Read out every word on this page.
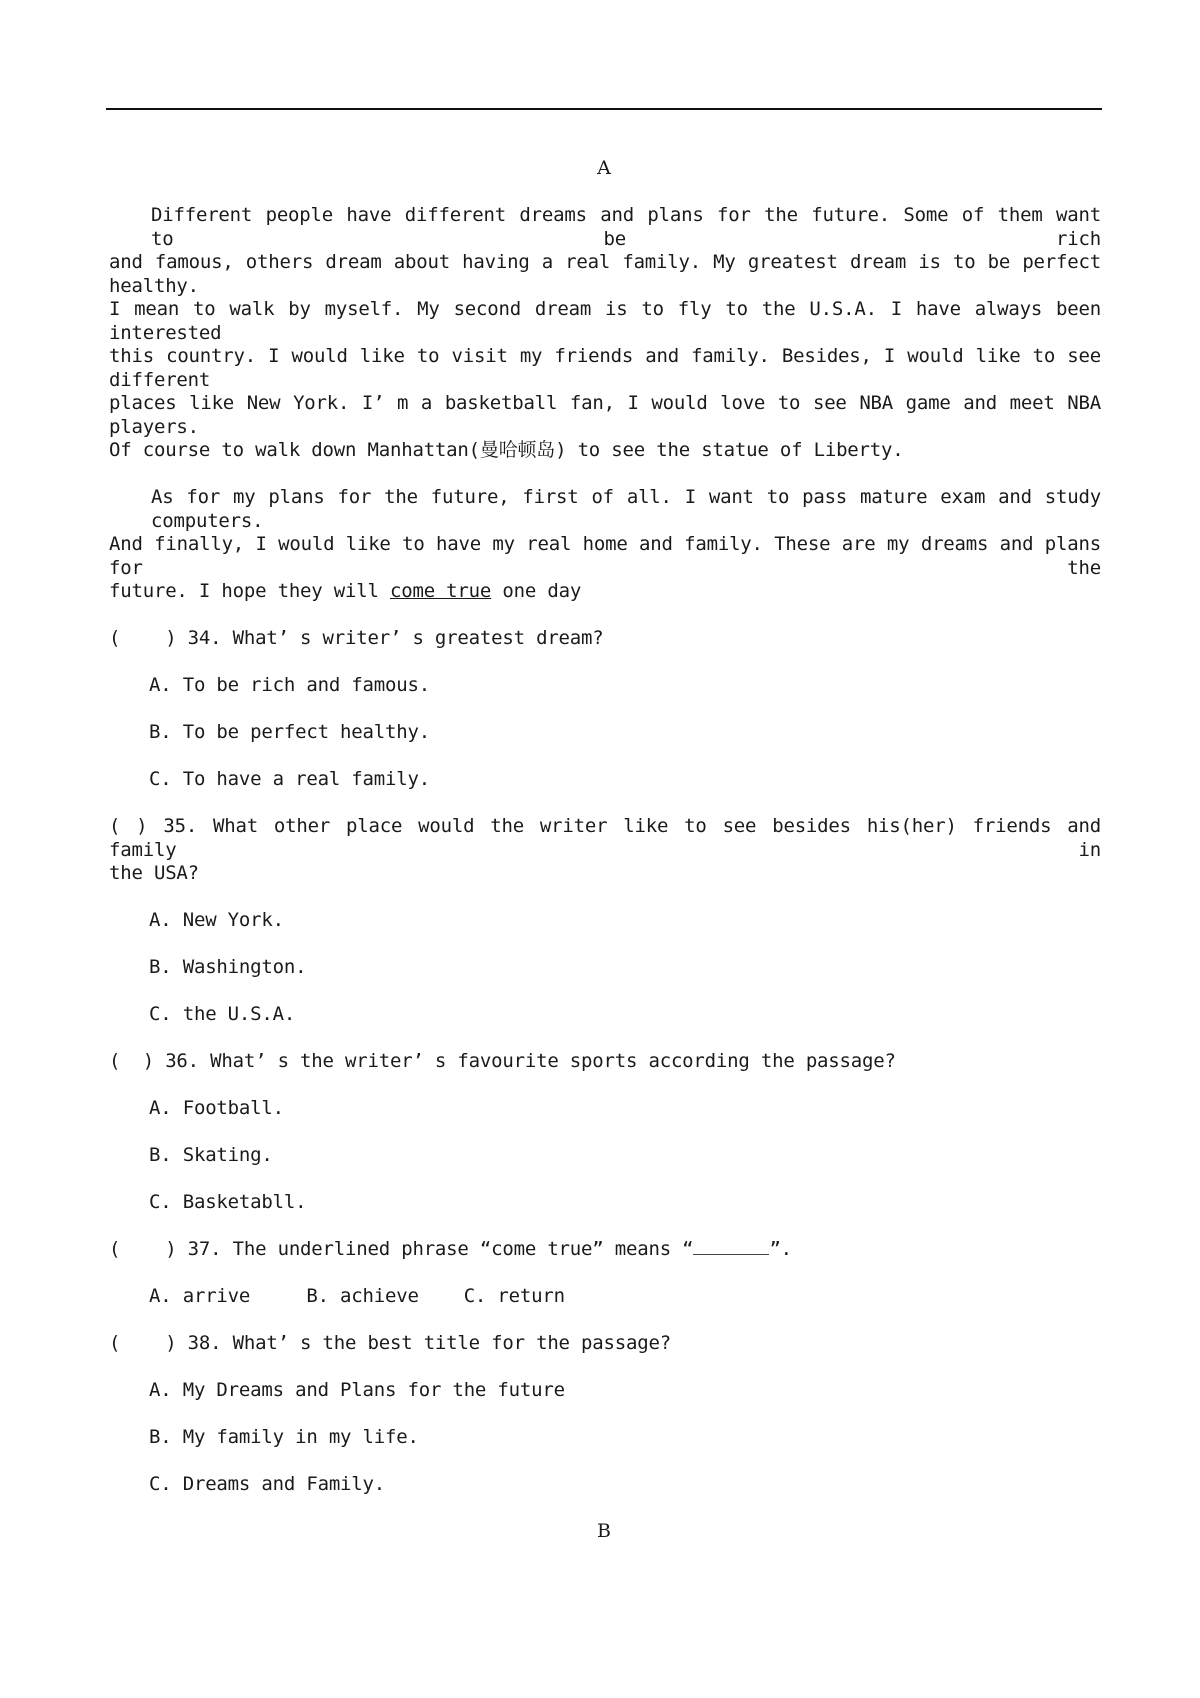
A
Different people have different dreams and plans for the future. Some of them want to be rich
and famous, others dream about having a real family. My greatest dream is to be perfect healthy.
I mean to walk by myself. My second dream is to fly to the U.S.A. I have always been interested
this country. I would like to visit my friends and family. Besides, I would like to see different
places like New York. I’ m a basketball fan, I would love to see NBA game and meet NBA players.
Of course to walk down Manhattan(曼哈顿岛) to see the statue of Liberty.
As for my plans for the future, first of all. I want to pass mature exam and study computers.
And finally, I would like to have my real home and family. These are my dreams and plans for the
future. I hope they will come true one day
(    ) 34. What’ s writer’ s greatest dream?
A. To be rich and famous.
B. To be perfect healthy.
C. To have a real family.
( ) 35. What other place would the writer like to see besides his(her) friends and family in
the USA?
A. New York.
B. Washington.
C. the U.S.A.
(  ) 36. What’ s the writer’ s favourite sports according the passage?
A. Football.
B. Skating.
C. Basketabll.
(    ) 37. The underlined phrase “come true” means “	”.
A. arrive     B. achieve    C. return
(    ) 38. What’ s the best title for the passage?
A. My Dreams and Plans for the future
B. My family in my life.
C. Dreams and Family.
B
